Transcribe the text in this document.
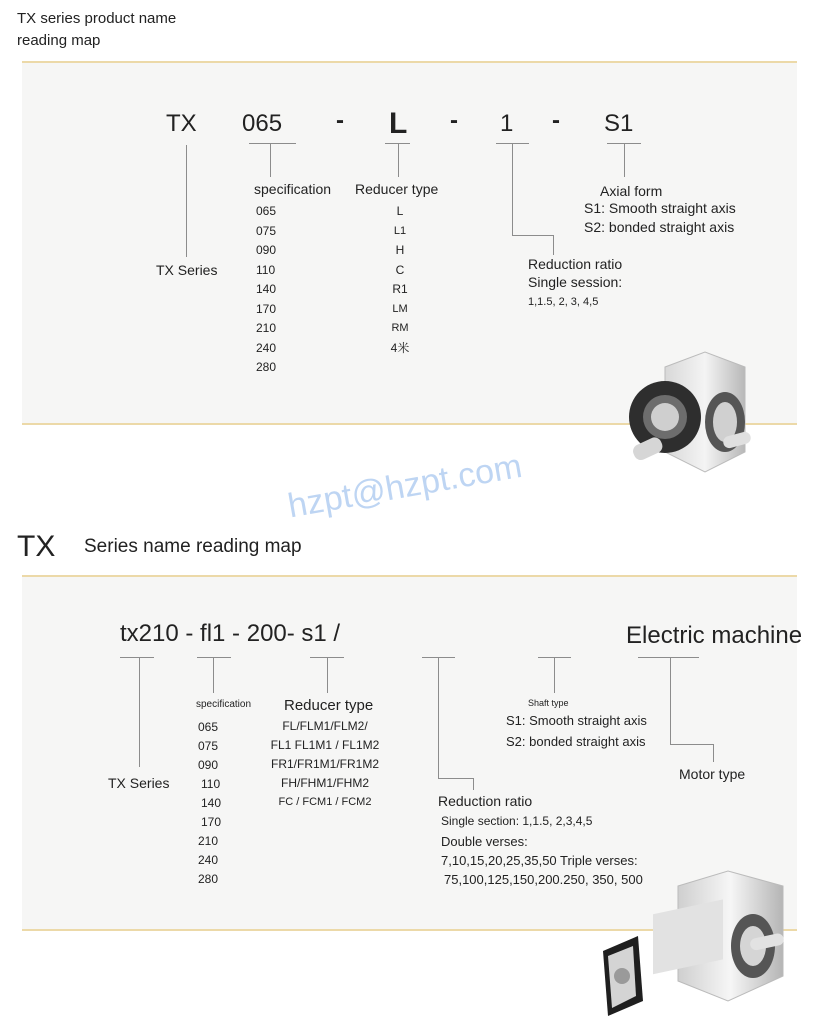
TX series product name
reading map
TX 065 - L - 1 - S1
TX Series
specification
065
075
090
110
140
170
210
240
280
Reducer type
L
L1
H
C
R1
LM
RM
4米
Reduction ratio
Single session:
1,1.5, 2, 3, 4,5
Axial form
S1: Smooth straight axis
S2: bonded straight axis
hzpt@hzpt.com
TX Series name reading map
tx210 - fl1 - 200- s1 /	Electric machine
TX Series
specification
065
075
090
110
140
170
210
240
280
Reducer type
FL/FLM1/FLM2/
FL1 FL1M1 / FL1M2
FR1/FR1M1/FR1M2
FH/FHM1/FHM2
FC / FCM1 / FCM2	Reduction ratio
Single section: 1,1.5, 2,3,4,5
Double verses:
7,10,15,20,25,35,50 Triple verses:
75,100,125,150,200.250, 350, 500
Shaft type
S1: Smooth straight axis
S2: bonded straight axis
Motor type
